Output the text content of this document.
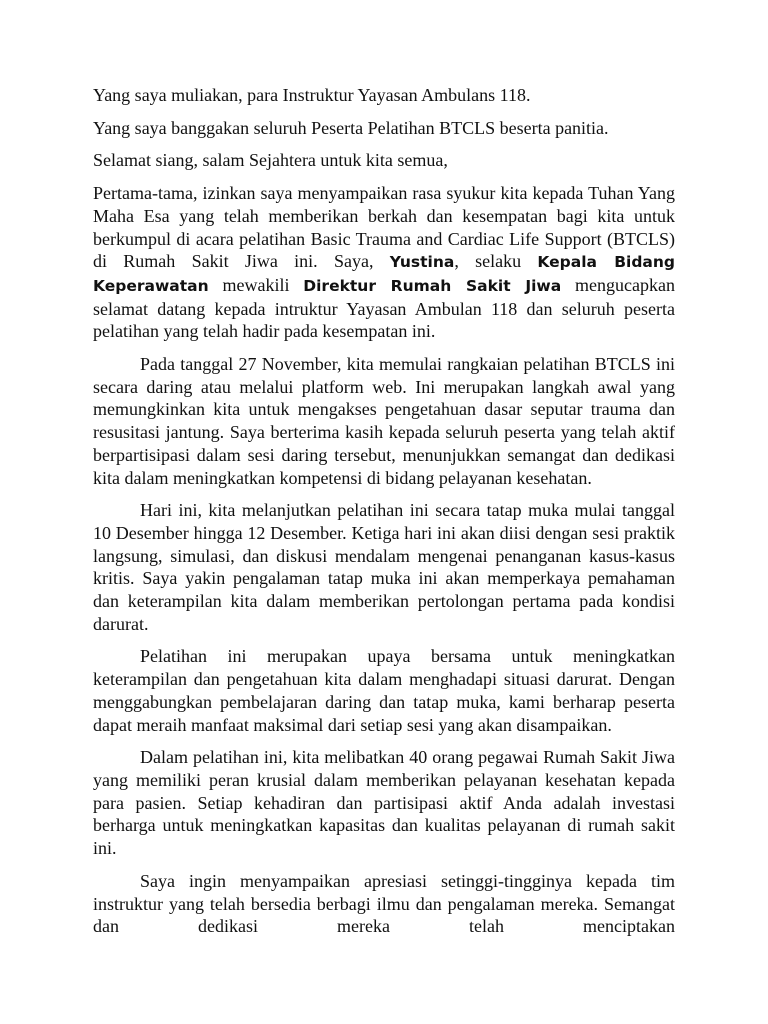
Yang saya muliakan, para Instruktur Yayasan Ambulans 118.

Yang saya banggakan seluruh Peserta Pelatihan BTCLS beserta panitia.

Selamat siang, salam Sejahtera untuk kita semua,

Pertama-tama, izinkan saya menyampaikan rasa syukur kita kepada Tuhan Yang Maha Esa yang telah memberikan berkah dan kesempatan bagi kita untuk berkumpul di acara pelatihan Basic Trauma and Cardiac Life Support (BTCLS) di Rumah Sakit Jiwa ini. Saya, Yustina, selaku Kepala Bidang Keperawatan mewakili Direktur Rumah Sakit Jiwa mengucapkan selamat datang kepada intruktur Yayasan Ambulan 118 dan seluruh peserta pelatihan yang telah hadir pada kesempatan ini.

Pada tanggal 27 November, kita memulai rangkaian pelatihan BTCLS ini secara daring atau melalui platform web. Ini merupakan langkah awal yang memungkinkan kita untuk mengakses pengetahuan dasar seputar trauma dan resusitasi jantung. Saya berterima kasih kepada seluruh peserta yang telah aktif berpartisipasi dalam sesi daring tersebut, menunjukkan semangat dan dedikasi kita dalam meningkatkan kompetensi di bidang pelayanan kesehatan.

Hari ini, kita melanjutkan pelatihan ini secara tatap muka mulai tanggal 10 Desember hingga 12 Desember. Ketiga hari ini akan diisi dengan sesi praktik langsung, simulasi, dan diskusi mendalam mengenai penanganan kasus-kasus kritis. Saya yakin pengalaman tatap muka ini akan memperkaya pemahaman dan keterampilan kita dalam memberikan pertolongan pertama pada kondisi darurat.

Pelatihan ini merupakan upaya bersama untuk meningkatkan keterampilan dan pengetahuan kita dalam menghadapi situasi darurat. Dengan menggabungkan pembelajaran daring dan tatap muka, kami berharap peserta dapat meraih manfaat maksimal dari setiap sesi yang akan disampaikan.

Dalam pelatihan ini, kita melibatkan 40 orang pegawai Rumah Sakit Jiwa yang memiliki peran krusial dalam memberikan pelayanan kesehatan kepada para pasien. Setiap kehadiran dan partisipasi aktif Anda adalah investasi berharga untuk meningkatkan kapasitas dan kualitas pelayanan di rumah sakit ini.

Saya ingin menyampaikan apresiasi setinggi-tingginya kepada tim instruktur yang telah bersedia berbagi ilmu dan pengalaman mereka. Semangat dan dedikasi mereka telah menciptakan
